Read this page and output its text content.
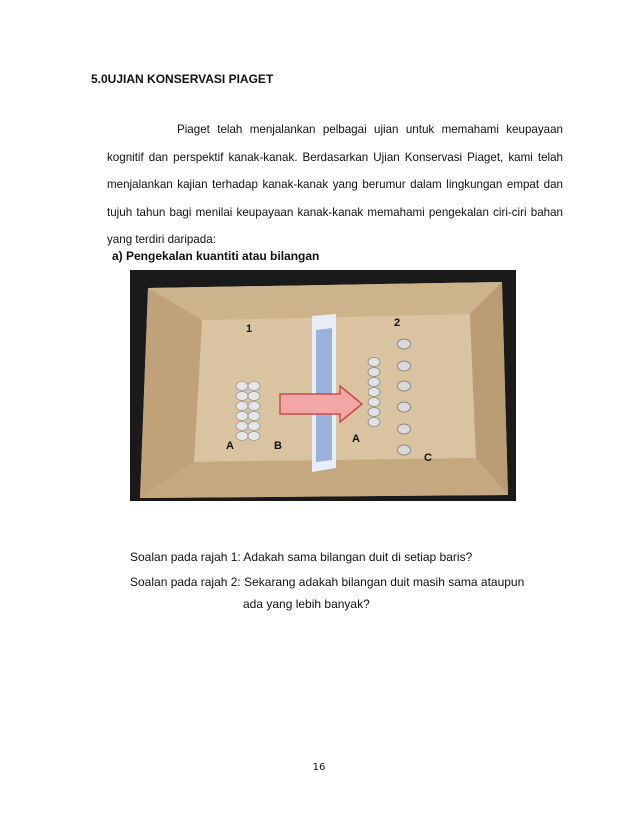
5.0UJIAN KONSERVASI PIAGET

Piaget telah menjalankan pelbagai ujian untuk memahami keupayaan kognitif dan perspektif kanak-kanak. Berdasarkan Ujian Konservasi Piaget, kami telah menjalankan kajian terhadap kanak-kanak yang berumur dalam lingkungan empat dan tujuh tahun bagi menilai keupayaan kanak-kanak memahami pengekalan ciri-ciri bahan yang terdiri daripada:

a) Pengekalan kuantiti atau bilangan
1	2
A	B
A
C
Soalan pada rajah 1: Adakah sama bilangan duit di setiap baris?
Soalan pada rajah 2: Sekarang adakah bilangan duit masih sama ataupun
ada yang lebih banyak?
16
